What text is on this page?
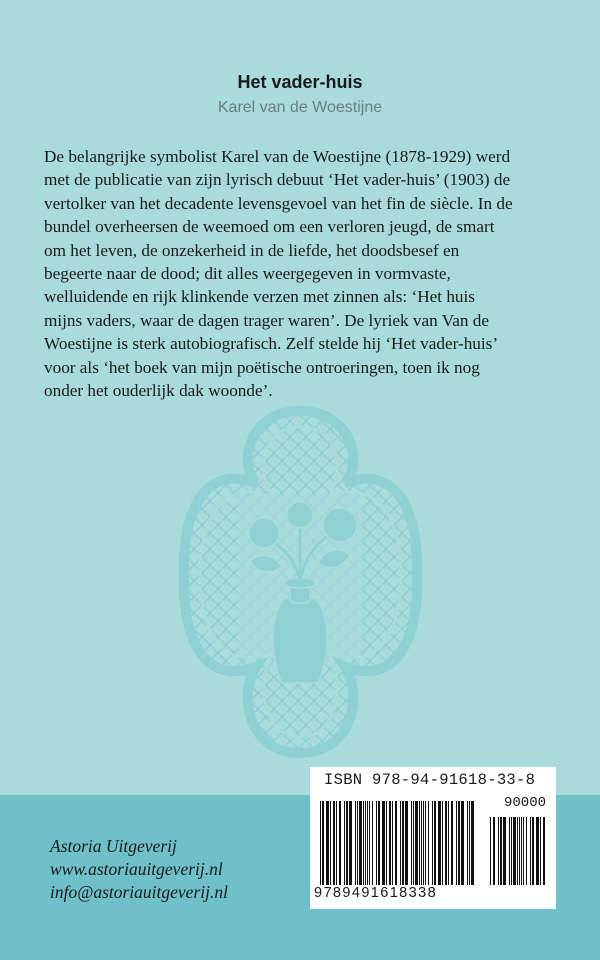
Het vader-huis
Karel van de Woestijne
De belangrijke symbolist Karel van de Woestijne (1878-1929) werd
met de publicatie van zijn lyrisch debuut ‘Het vader-huis’ (1903) de
vertolker van het decadente levensgevoel van het fin de siècle. In de
bundel overheersen de weemoed om een verloren jeugd, de smart
om het leven, de onzekerheid in de liefde, het doodsbesef en
begeerte naar de dood; dit alles weergegeven in vormvaste,
welluidende en rijk klinkende verzen met zinnen als: ‘Het huis
mijns vaders, waar de dagen trager waren’. De lyriek van Van de
Woestijne is sterk autobiografisch. Zelf stelde hij ‘Het vader-huis’
voor als ‘het boek van mijn poëtische ontroeringen, toen ik nog
onder het ouderlijk dak woonde’.
Astoria Uitgeverij
www.astoriauitgeverij.nl
info@astoriauitgeverij.nl
ISBN 978-94-91618-33-8
90000
9789491618338
